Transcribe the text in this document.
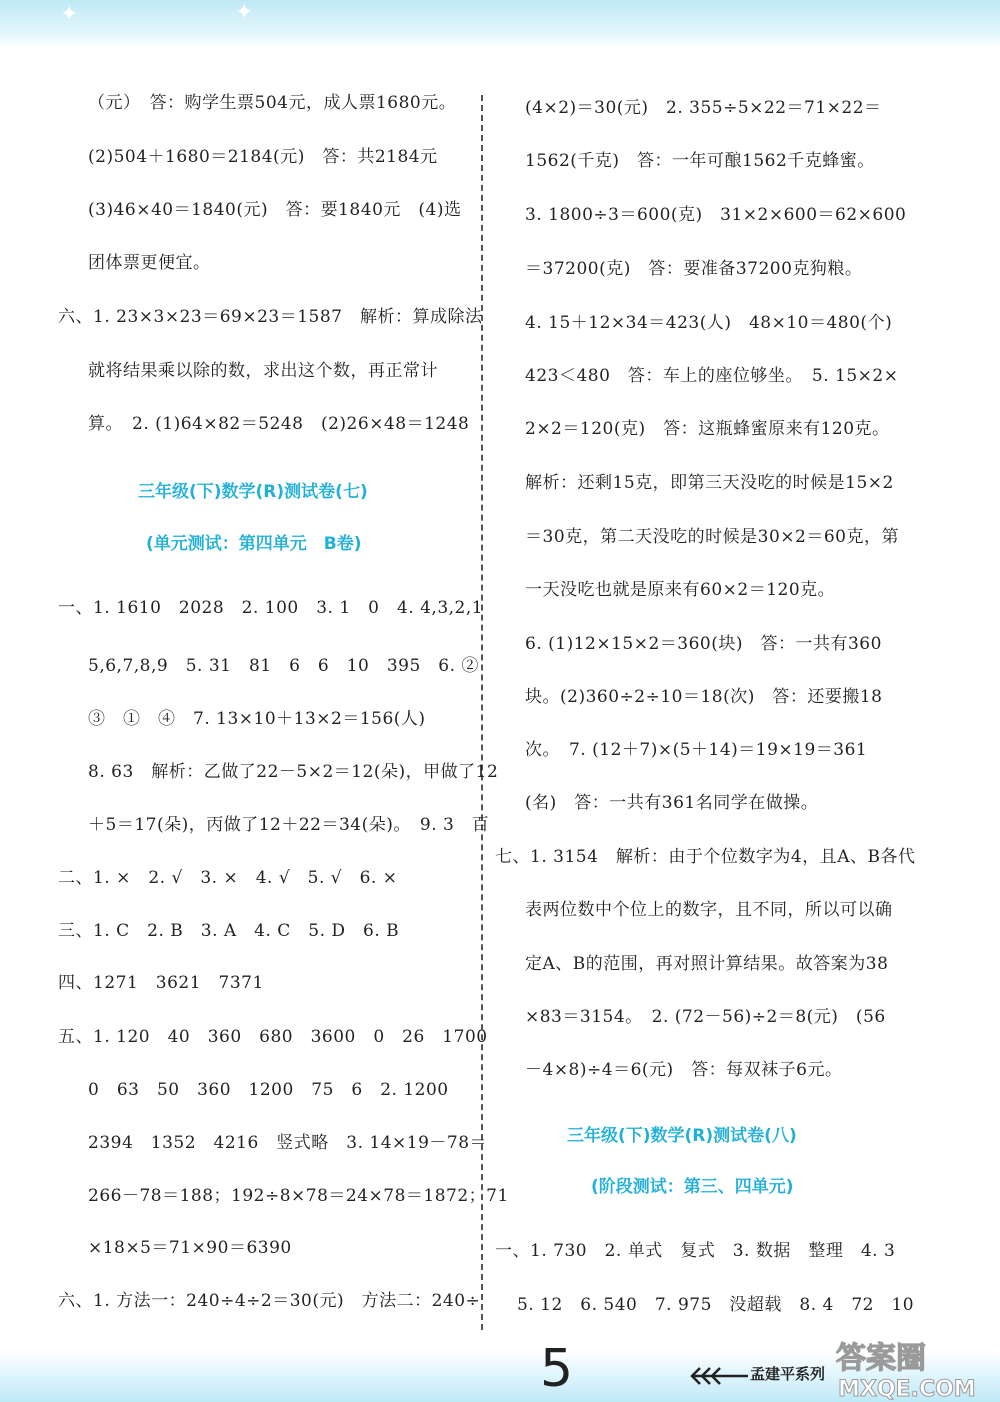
✦	✦
（元）　答：购学生票504元，成人票1680元。
(2)504＋1680＝2184(元)　答：共2184元
(3)46×40＝1840(元)　答：要1840元　(4)选
团体票更便宜。
六、1. 23×3×23＝69×23＝1587　解析：算成除法
就将结果乘以除的数，求出这个数，再正常计
算。　2. (1)64×82＝5248　(2)26×48＝1248
三年级(下)数学(R)测试卷(七)
(单元测试：第四单元　B卷)
一、1. 1610　2028　2. 100　3. 1　0　4. 4,3,2,1
5,6,7,8,9　5. 31　81　6　6　10　395　6. ②
③　①　④　7. 13×10＋13×2＝156(人)
8. 63　解析：乙做了22－5×2＝12(朵)，甲做了12
＋5＝17(朵)，丙做了12＋22＝34(朵)。　9. 3　百
二、1. ×　2. √　3. ×　4. √　5. √　6. ×
三、1. C　2. B　3. A　4. C　5. D　6. B
四、1271　3621　7371
五、1. 120　40　360　680　3600　0　26　1700
0　63　50　360　1200　75　6　2. 1200
2394　1352　4216　竖式略　3. 14×19－78＝
266－78＝188；192÷8×78＝24×78＝1872；71
×18×5＝71×90＝6390
六、1. 方法一：240÷4÷2＝30(元)　方法二：240÷
(4×2)＝30(元)　2. 355÷5×22＝71×22＝
1562(千克)　答：一年可酿1562千克蜂蜜。
3. 1800÷3＝600(克)　31×2×600＝62×600
＝37200(克)　答：要准备37200克狗粮。
4. 15＋12×34＝423(人)　48×10＝480(个)
423＜480　答：车上的座位够坐。　5. 15×2×
2×2＝120(克)　答：这瓶蜂蜜原来有120克。
解析：还剩15克，即第三天没吃的时候是15×2
＝30克，第二天没吃的时候是30×2＝60克，第
一天没吃也就是原来有60×2＝120克。
6. (1)12×15×2＝360(块)　答：一共有360
块。(2)360÷2÷10＝18(次)　答：还要搬18
次。　7. (12＋7)×(5＋14)＝19×19＝361
(名)　答：一共有361名同学在做操。
七、1. 3154　解析：由于个位数字为4，且A、B各代
表两位数中个位上的数字，且不同，所以可以确
定A、B的范围，再对照计算结果。故答案为38
×83＝3154。　2. (72－56)÷2＝8(元)　(56
－4×8)÷4＝6(元)　答：每双袜子6元。
三年级(下)数学(R)测试卷(八)
(阶段测试：第三、四单元)
一、1. 730　2. 单式　复式　3. 数据　整理　4. 3
5. 12　6. 540　7. 975　没超载　8. 4　72　10
5	孟建平系列 答案圈
MXQE.COM
